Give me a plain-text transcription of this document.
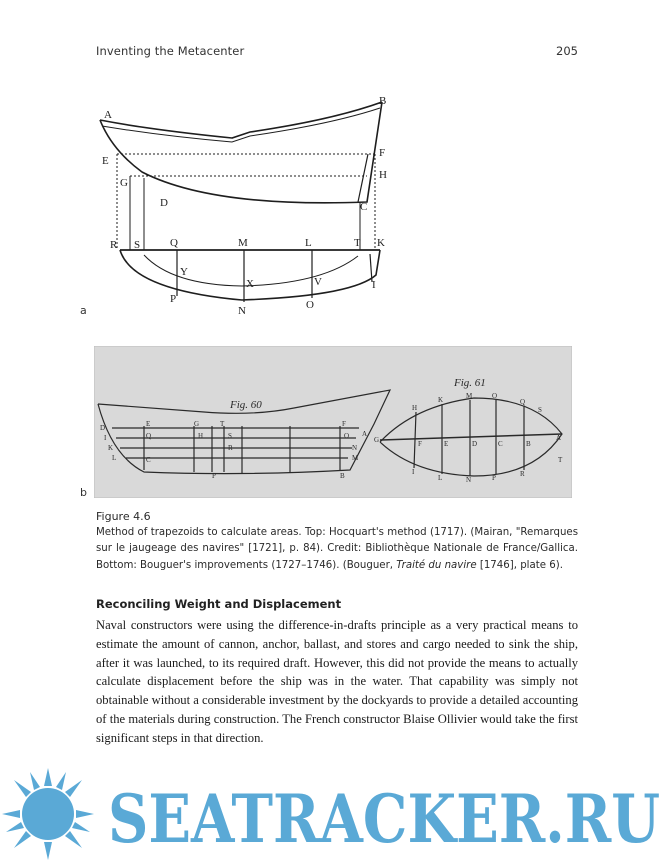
Inventing the Metacenter	205
A
B
E
F
G
H
D	C
R S	Q	M	L	T K
Y
X	V
P
N	O
I
a
Fig. 60
Fig. 61
D	E	T
G
C
F
I	Q	H	S
R
O
N
M
K
L
P	B
A
H
K	M	O
Q
S
G	F	E	D	C	B
A
T
I
L	N	P	R
b
Figure 4.6
Method of trapezoids to calculate areas. Top: Hocquart's method (1717). (Mairan, "Remarques sur le jaugeage des navires" [1721], p. 84). Credit: Bibliothèque Nationale de France/Gallica. Bottom: Bouguer's improvements (1727–1746). (Bouguer, Traité du navire [1746], plate 6).
Reconciling Weight and Displacement
Naval constructors were using the difference-in-drafts principle as a very practical means to estimate the amount of cannon, anchor, ballast, and stores and cargo needed to sink the ship, after it was launched, to its required draft. However, this did not provide the means to actually calculate displacement before the ship was in the water. That capability was simply not obtainable without a considerable investment by the dockyards to provide a detailed accounting of the materials during construction. The French constructor Blaise Ollivier would take the first significant steps in that direction.
SEATRACKER.RU
